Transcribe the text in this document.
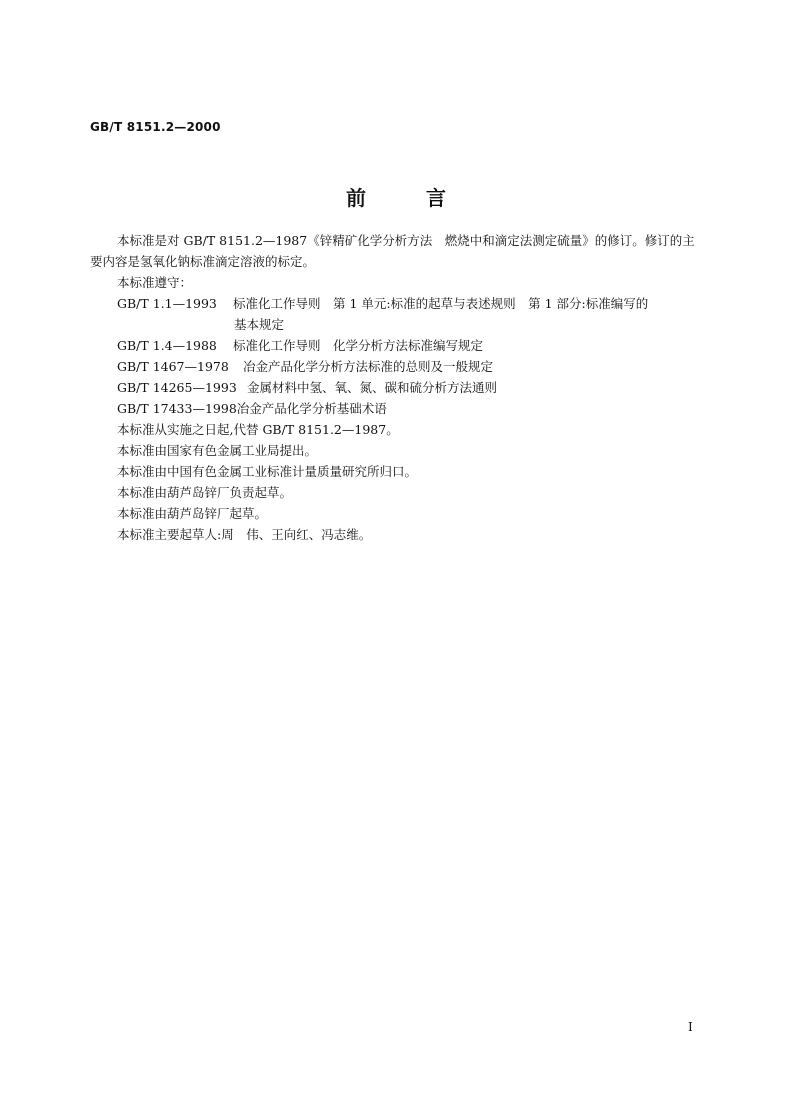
GB/T 8151.2—2000
前	言

本标准是对 GB/T 8151.2—1987《锌精矿化学分析方法　燃烧中和滴定法测定硫量》的修订。修订的主要内容是氢氧化钠标准滴定溶液的标定。

本标准遵守：

GB/T 1.1—1993 标准化工作导则　第 1 单元:标准的起草与表述规则　第 1 部分:标准编写的

基本规定

GB/T 1.4—1988 标准化工作导则　化学分析方法标准编写规定

GB/T 1467—1978 冶金产品化学分析方法标准的总则及一般规定

GB/T 14265—1993 金属材料中氢、氧、氮、碳和硫分析方法通则

GB/T 17433—1998冶金产品化学分析基础术语

本标准从实施之日起,代替 GB/T 8151.2—1987。

本标准由国家有色金属工业局提出。

本标准由中国有色金属工业标准计量质量研究所归口。

本标准由葫芦岛锌厂负责起草。

本标准由葫芦岛锌厂起草。

本标准主要起草人:周　伟、王向红、冯志维。

I
